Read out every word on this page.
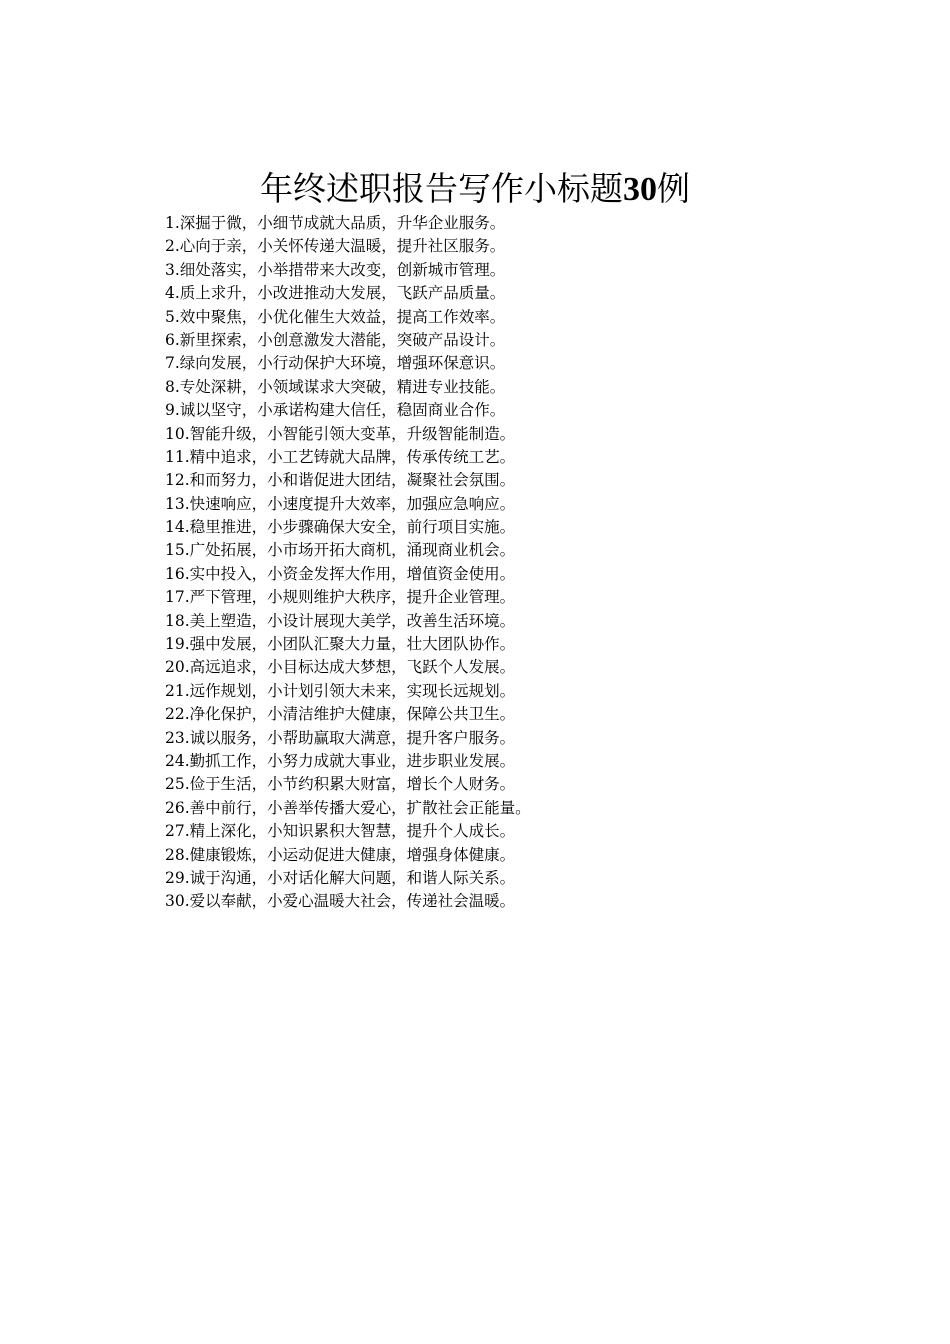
年终述职报告写作小标题30例
1.深掘于微，小细节成就大品质，升华企业服务。
2.心向于亲，小关怀传递大温暖，提升社区服务。
3.细处落实，小举措带来大改变，创新城市管理。
4.质上求升，小改进推动大发展，飞跃产品质量。
5.效中聚焦，小优化催生大效益，提高工作效率。
6.新里探索，小创意激发大潜能，突破产品设计。
7.绿向发展，小行动保护大环境，增强环保意识。
8.专处深耕，小领域谋求大突破，精进专业技能。
9.诚以坚守，小承诺构建大信任，稳固商业合作。
10.智能升级，小智能引领大变革，升级智能制造。
11.精中追求，小工艺铸就大品牌，传承传统工艺。
12.和而努力，小和谐促进大团结，凝聚社会氛围。
13.快速响应，小速度提升大效率，加强应急响应。
14.稳里推进，小步骤确保大安全，前行项目实施。
15.广处拓展，小市场开拓大商机，涌现商业机会。
16.实中投入，小资金发挥大作用，增值资金使用。
17.严下管理，小规则维护大秩序，提升企业管理。
18.美上塑造，小设计展现大美学，改善生活环境。
19.强中发展，小团队汇聚大力量，壮大团队协作。
20.高远追求，小目标达成大梦想，飞跃个人发展。
21.远作规划，小计划引领大未来，实现长远规划。
22.净化保护，小清洁维护大健康，保障公共卫生。
23.诚以服务，小帮助赢取大满意，提升客户服务。
24.勤抓工作，小努力成就大事业，进步职业发展。
25.俭于生活，小节约积累大财富，增长个人财务。
26.善中前行，小善举传播大爱心，扩散社会正能量。
27.精上深化，小知识累积大智慧，提升个人成长。
28.健康锻炼，小运动促进大健康，增强身体健康。
29.诚于沟通，小对话化解大问题，和谐人际关系。
30.爱以奉献，小爱心温暖大社会，传递社会温暖。
